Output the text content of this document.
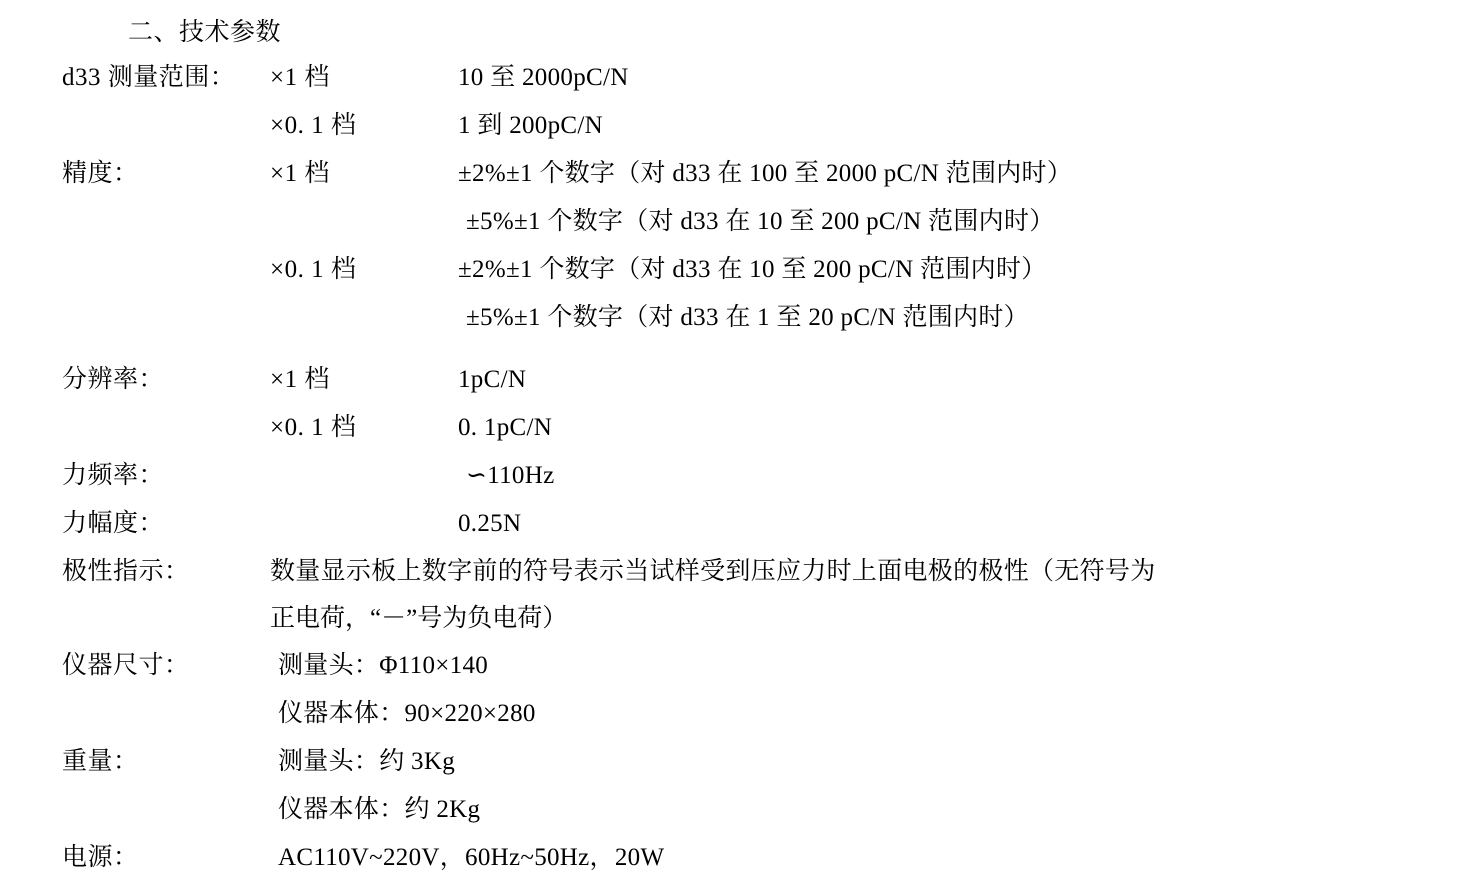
二、技术参数
d33 测量范围：	×1 档	10 至 2000pC/N
×0. 1 档	1 到 200pC/N
精度：	×1 档	±2%±1 个数字（对 d33 在 100 至 2000 pC/N 范围内时）
±5%±1 个数字（对 d33 在 10 至 200 pC/N 范围内时）
×0. 1 档	±2%±1 个数字（对 d33 在 10 至 200 pC/N 范围内时）
±5%±1 个数字（对 d33 在 1 至 20 pC/N 范围内时）
分辨率：	×1 档	1pC/N
×0. 1 档	0. 1pC/N
力频率：	∽110Hz
力幅度：	0.25N
极性指示：	数量显示板上数字前的符号表示当试样受到压应力时上面电极的极性（无符号为
正电荷，“－”号为负电荷）
仪器尺寸：	测量头：Φ110×140
仪器本体：90×220×280
重量：	测量头：约 3Kg
仪器本体：约 2Kg
电源：	AC110V~220V，60Hz~50Hz，20W
